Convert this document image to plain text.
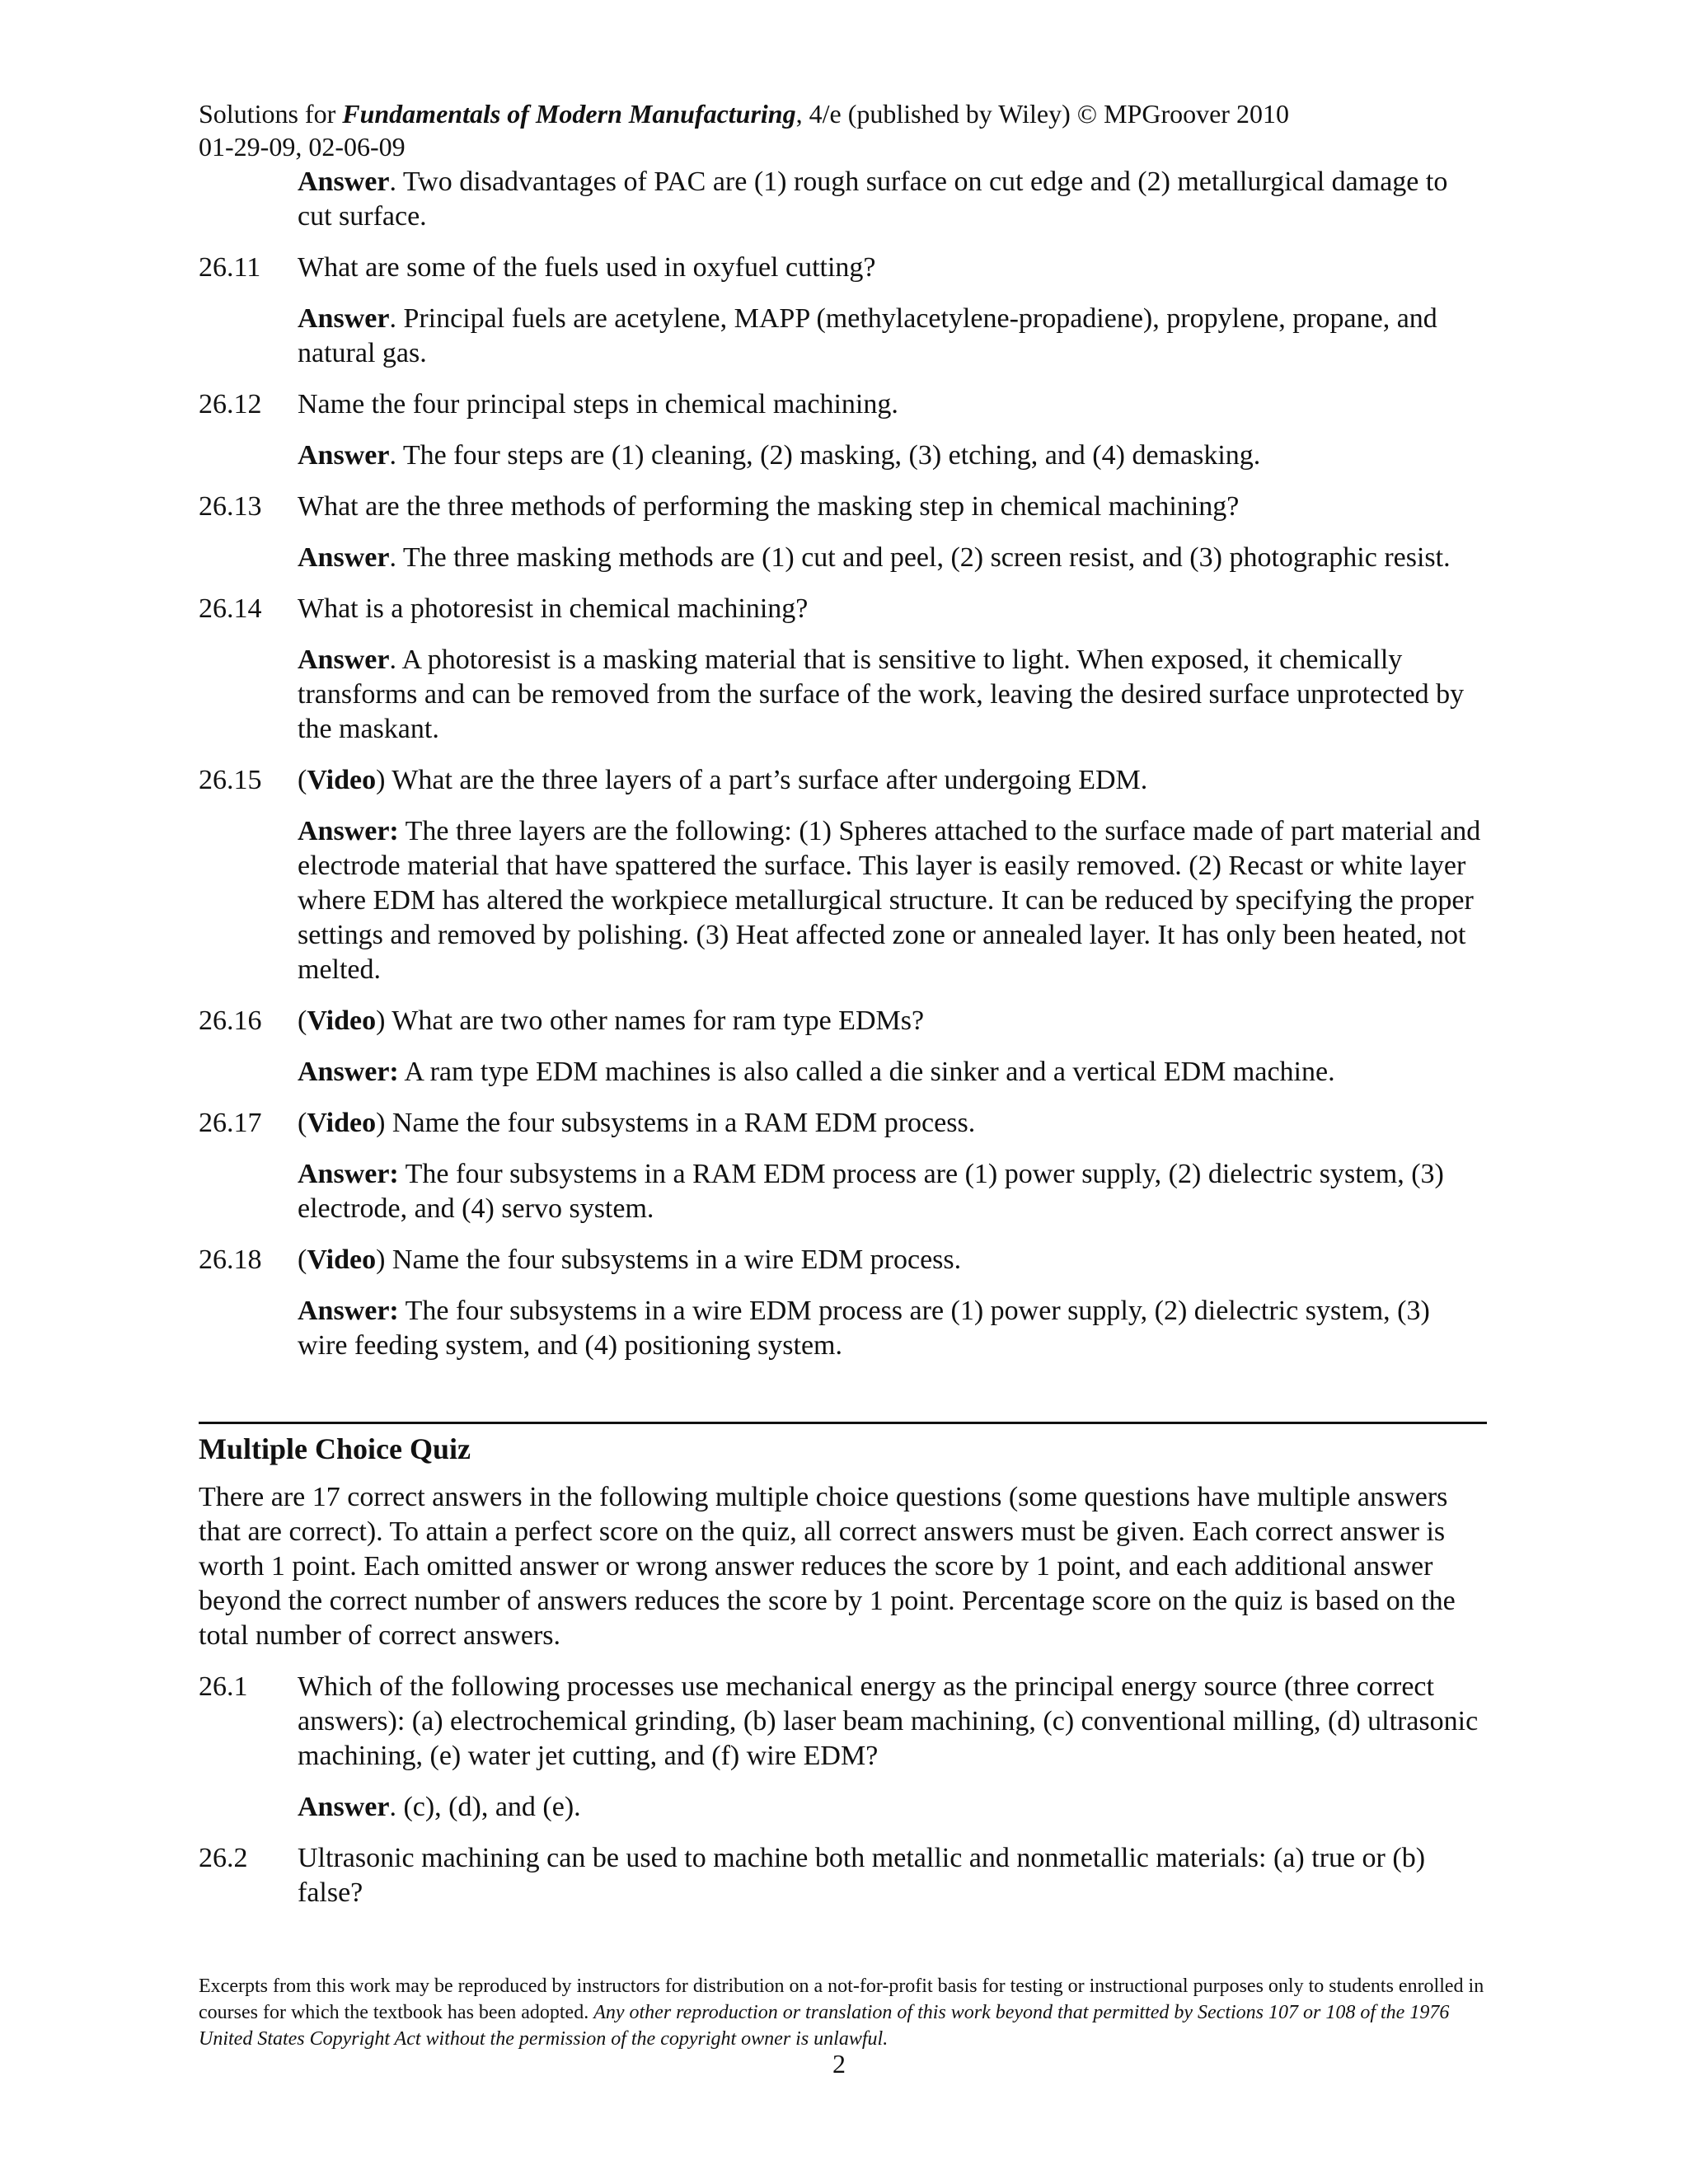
Solutions for Fundamentals of Modern Manufacturing, 4/e (published by Wiley) © MPGroover 2010
01-29-09, 02-06-09
Answer. Two disadvantages of PAC are (1) rough surface on cut edge and (2) metallurgical damage to cut surface.
26.11	What are some of the fuels used in oxyfuel cutting?
Answer. Principal fuels are acetylene, MAPP (methylacetylene-propadiene), propylene, propane, and natural gas.
26.12	Name the four principal steps in chemical machining.
Answer. The four steps are (1) cleaning, (2) masking, (3) etching, and (4) demasking.
26.13	What are the three methods of performing the masking step in chemical machining?
Answer. The three masking methods are (1) cut and peel, (2) screen resist, and (3) photographic resist.
26.14	What is a photoresist in chemical machining?
Answer. A photoresist is a masking material that is sensitive to light. When exposed, it chemically transforms and can be removed from the surface of the work, leaving the desired surface unprotected by the maskant.
26.15	(Video) What are the three layers of a part’s surface after undergoing EDM.
Answer: The three layers are the following: (1) Spheres attached to the surface made of part material and electrode material that have spattered the surface. This layer is easily removed. (2) Recast or white layer where EDM has altered the workpiece metallurgical structure. It can be reduced by specifying the proper settings and removed by polishing. (3) Heat affected zone or annealed layer. It has only been heated, not melted.
26.16	(Video) What are two other names for ram type EDMs?
Answer: A ram type EDM machines is also called a die sinker and a vertical EDM machine.
26.17	(Video) Name the four subsystems in a RAM EDM process.
Answer: The four subsystems in a RAM EDM process are (1) power supply, (2) dielectric system, (3) electrode, and (4) servo system.
26.18	(Video) Name the four subsystems in a wire EDM process.
Answer: The four subsystems in a wire EDM process are (1) power supply, (2) dielectric system, (3) wire feeding system, and (4) positioning system.
Multiple Choice Quiz
There are 17 correct answers in the following multiple choice questions (some questions have multiple answers that are correct). To attain a perfect score on the quiz, all correct answers must be given. Each correct answer is worth 1 point. Each omitted answer or wrong answer reduces the score by 1 point, and each additional answer beyond the correct number of answers reduces the score by 1 point. Percentage score on the quiz is based on the total number of correct answers.
26.1	Which of the following processes use mechanical energy as the principal energy source (three correct answers): (a) electrochemical grinding, (b) laser beam machining, (c) conventional milling, (d) ultrasonic machining, (e) water jet cutting, and (f) wire EDM?
Answer. (c), (d), and (e).
26.2	Ultrasonic machining can be used to machine both metallic and nonmetallic materials: (a) true or (b) false?
Excerpts from this work may be reproduced by instructors for distribution on a not-for-profit basis for testing or instructional purposes only to students enrolled in courses for which the textbook has been adopted. Any other reproduction or translation of this work beyond that permitted by Sections 107 or 108 of the 1976 United States Copyright Act without the permission of the copyright owner is unlawful.
2
